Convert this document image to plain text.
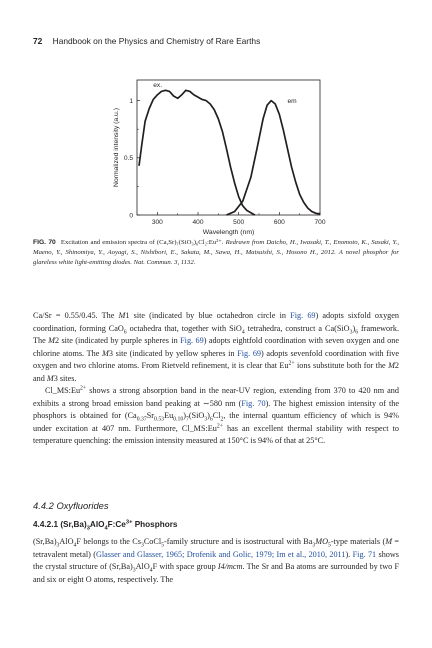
72 Handbook on the Physics and Chemistry of Rare Earths
300	400	500	600	700
0
0.5
1
Wavelength (nm)
Normalized intensity (a.u.)
ex.
em
FIG. 70 Excitation and emission spectra of (Ca,Sr)₇(SiO₃)₆Cl₂:Eu²⁺. Redrawn from Daicho, H., Iwasaki, T., Enomoto, K., Sasaki, Y., Maeno, Y., Shinomiya, Y., Aoyagi, S., Nishibori, E., Sakata, M., Sawa, H., Matsuishi, S., Hosono H., 2012. A novel phosphor for glareless white light-emitting diodes. Nat. Commun. 3, 1132.

Ca/Sr = 0.55/0.45. The M1 site (indicated by blue octahedron circle in Fig. 69) adopts sixfold oxygen coordination, forming CaO$_6$ octahedra that, together with SiO$_4$ tetrahedra, construct a $Ca(SiO_3)_6$ framework. The M2 site (indicated by purple spheres in Fig. 69) adopts eightfold coordination with seven oxygen and one chlorine atoms. The M3 site (indicated by yellow spheres in Fig. 69) adopts sevenfold coordination with five oxygen and two chlorine atoms. From Rietveld refinement, it is clear that $Eu^{2+}$ ions substitute both for the M2 and M3 sites.

$Cl\_MS:Eu^{2+}$ shows a strong absorption band in the near-UV region, extending from 370 to 420 nm and exhibits a strong broad emission band peaking at ∼580 nm (Fig. 70). The highest emission intensity of the phosphors is obtained for $(Ca_{0.37}Sr_{0.53}Eu_{0.10})_7(SiO_3)_6Cl_2$, the internal quantum efficiency of which is 94% under excitation at 407 nm. Furthermore, $Cl\_MS:Eu^{2+}$ has an excellent thermal stability with respect to temperature quenching: the emission intensity measured at 150°C is 94% of that at 25°C.

4.4.2 Oxyfluorides
4.4.2.1 $(Sr,Ba)_3AlO_4F:Ce^{3+}$ Phosphors

$(Sr,Ba)_3AlO_4F$ belongs to the $Cs_3CoCl_5$-family structure and is isostructural with $Ba_3MO_5$-type materials (M = tetravalent metal) (Glasser and Glasser, 1965; Drofenik and Golic, 1979; Im et al., 2010, 2011). Fig. 71 shows the crystal structure of $(Sr,Ba)_3AlO_4F$ with space group I4/mcm. The Sr and Ba atoms are surrounded by two F and six or eight O atoms, respectively. The
